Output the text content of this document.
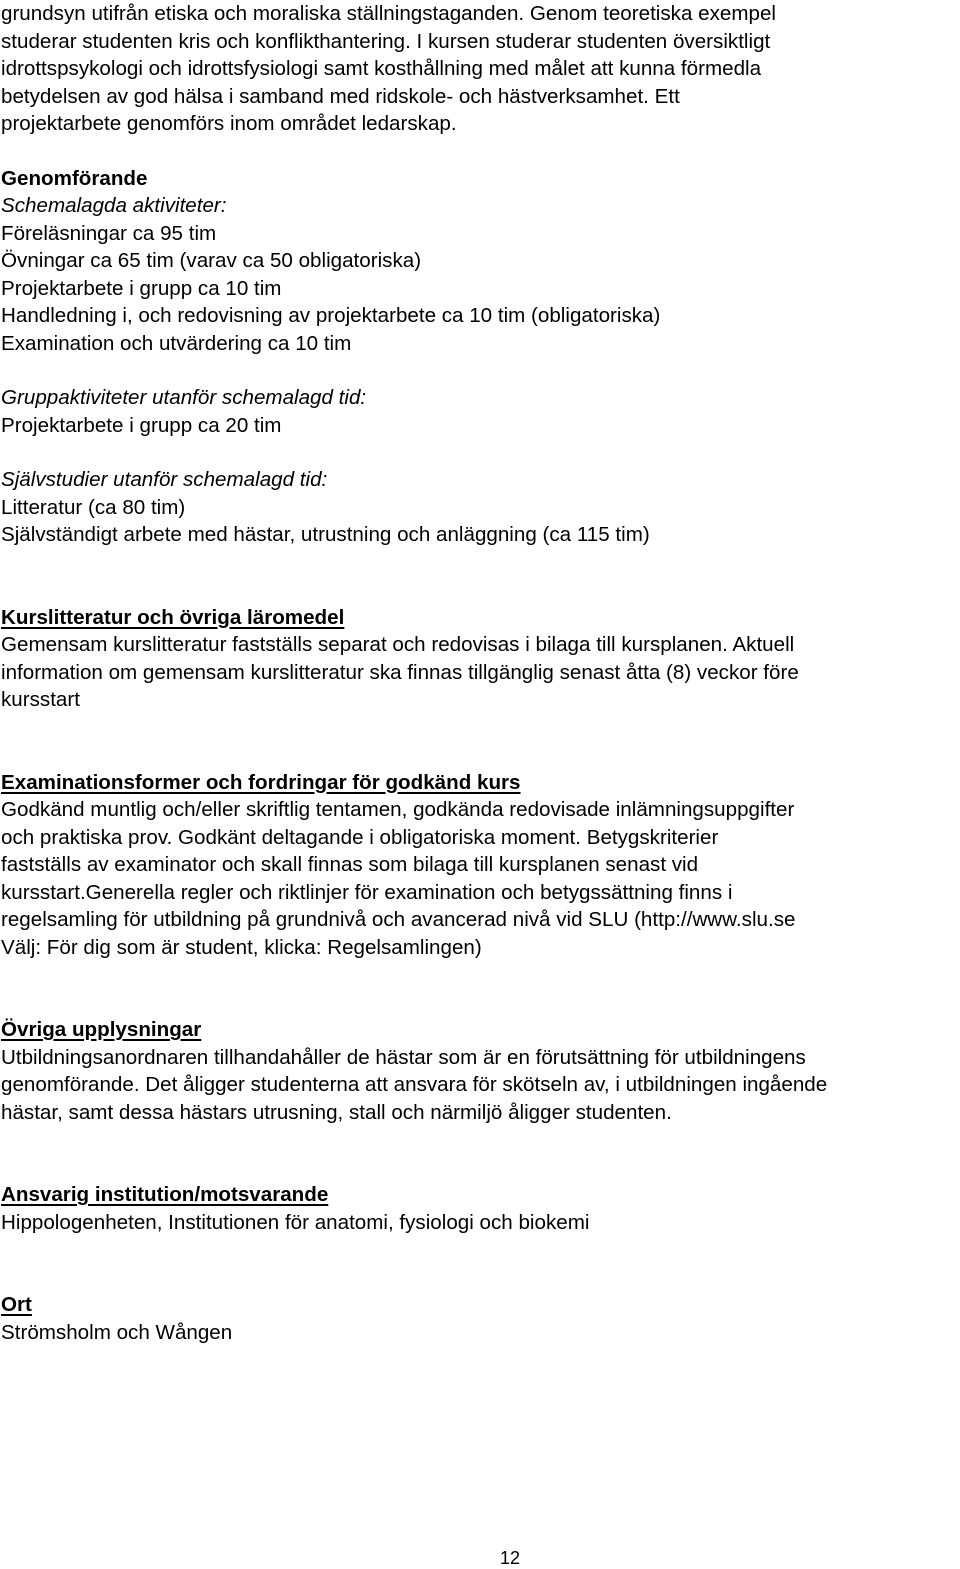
grundsyn utifrån etiska och moraliska ställningstaganden. Genom teoretiska exempel
studerar studenten kris och konflikthantering. I kursen studerar studenten översiktligt
idrottspsykologi och idrottsfysiologi samt kosthållning med målet att kunna förmedla
betydelsen av god hälsa i samband med ridskole- och hästverksamhet. Ett
projektarbete genomförs inom området ledarskap.
Genomförande
Schemalagda aktiviteter:
Föreläsningar ca 95 tim
Övningar ca 65 tim (varav ca 50 obligatoriska)
Projektarbete i grupp ca 10 tim
Handledning i, och redovisning av projektarbete ca 10 tim (obligatoriska)
Examination och utvärdering ca 10 tim
Gruppaktiviteter utanför schemalagd tid:
Projektarbete i grupp ca 20 tim
Självstudier utanför schemalagd tid:
Litteratur (ca 80 tim)
Självständigt arbete med hästar, utrustning och anläggning (ca 115 tim)
Kurslitteratur och övriga läromedel
Gemensam kurslitteratur fastställs separat och redovisas i bilaga till kursplanen. Aktuell
information om gemensam kurslitteratur ska finnas tillgänglig senast åtta (8) veckor före
kursstart
Examinationsformer och fordringar för godkänd kurs
Godkänd muntlig och/eller skriftlig tentamen, godkända redovisade inlämningsuppgifter
och praktiska prov. Godkänt deltagande i obligatoriska moment. Betygskriterier
fastställs av examinator och skall finnas som bilaga till kursplanen senast vid
kursstart.Generella regler och riktlinjer för examination och betygssättning finns i
regelsamling för utbildning på grundnivå och avancerad nivå vid SLU (http://www.slu.se
Välj: För dig som är student, klicka: Regelsamlingen)
Övriga upplysningar
Utbildningsanordnaren tillhandahåller de hästar som är en förutsättning för utbildningens
genomförande. Det åligger studenterna att ansvara för skötseln av, i utbildningen ingående
hästar, samt dessa hästars utrusning, stall och närmiljö åligger studenten.
Ansvarig institution/motsvarande
Hippologenheten, Institutionen för anatomi, fysiologi och biokemi
Ort
Strömsholm och Wången
12
